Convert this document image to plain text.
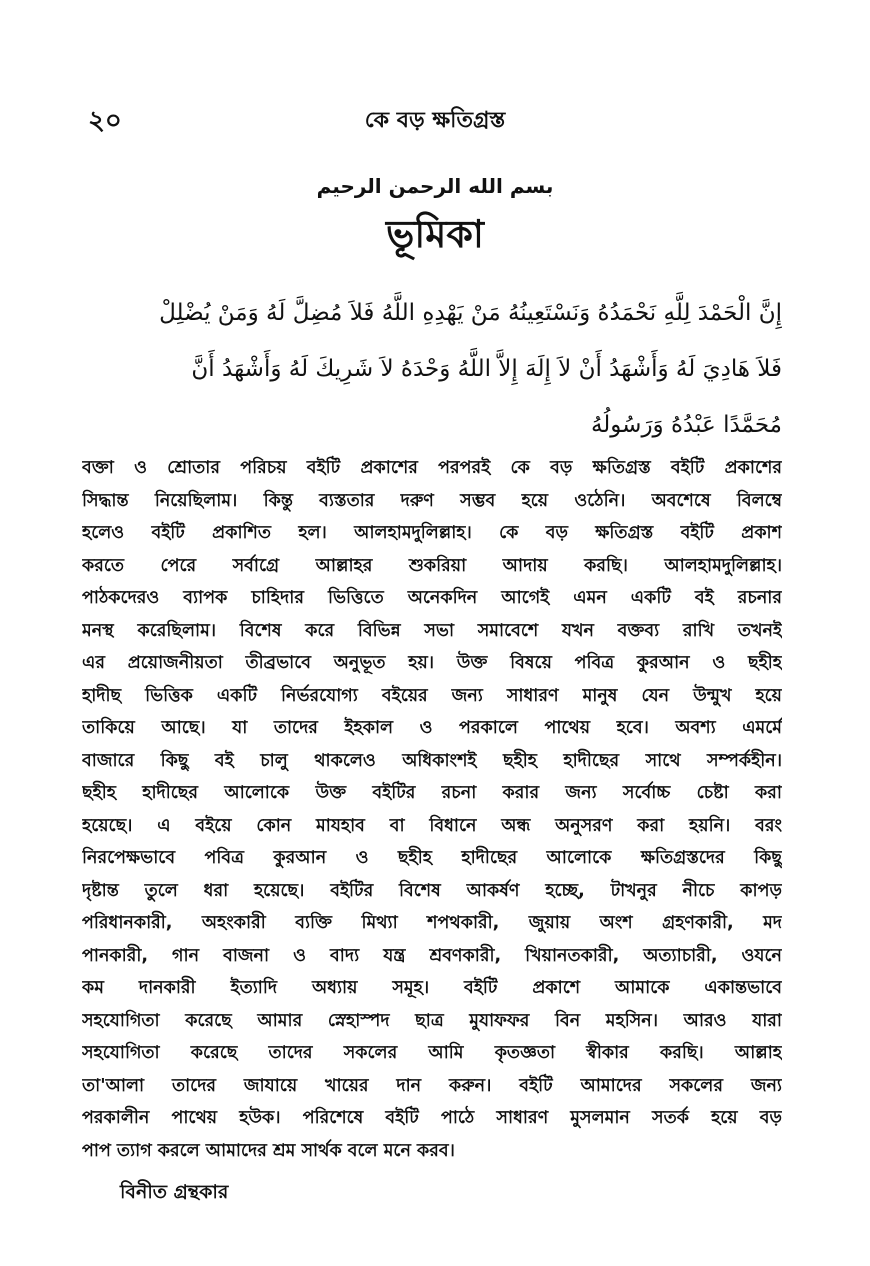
২০	কে বড় ক্ষতিগ্রস্ত
بسم الله الرحمن الرحيم
ভূমিকা
إِنَّ الْحَمْدَ لِلَّهِ نَحْمَدُهُ وَنَسْتَعِينُهُ مَنْ يَهْدِهِ اللَّهُ فَلاَ مُضِلَّ لَهُ وَمَنْ يُضْلِلْ
فَلاَ هَادِيَ لَهُ وَأَشْهَدُ أَنْ لاَ إِلَهَ إِلاَّ اللَّهُ وَحْدَهُ لاَ شَرِيكَ لَهُ وَأَشْهَدُ أَنَّ
مُحَمَّدًا عَبْدُهُ وَرَسُولُهُ
বক্তা ও শ্রোতার পরিচয় বইটি প্রকাশের পরপরই কে বড় ক্ষতিগ্রস্ত বইটি প্রকাশের
সিদ্ধান্ত নিয়েছিলাম। কিন্তু ব্যস্ততার দরুণ সম্ভব হয়ে ওঠেনি। অবশেষে বিলম্বে
হলেও বইটি প্রকাশিত হল। আলহামদুলিল্লাহ। কে বড় ক্ষতিগ্রস্ত বইটি প্রকাশ
করতে পেরে সর্বাগ্রে আল্লাহর শুকরিয়া আদায় করছি। আলহামদুলিল্লাহ।
পাঠকদেরও ব্যাপক চাহিদার ভিত্তিতে অনেকদিন আগেই এমন একটি বই রচনার
মনস্থ করেছিলাম। বিশেষ করে বিভিন্ন সভা সমাবেশে যখন বক্তব্য রাখি তখনই
এর প্রয়োজনীয়তা তীব্রভাবে অনুভূত হয়। উক্ত বিষয়ে পবিত্র কুরআন ও ছহীহ
হাদীছ ভিত্তিক একটি নির্ভরযোগ্য বইয়ের জন্য সাধারণ মানুষ যেন উন্মুখ হয়ে
তাকিয়ে আছে। যা তাদের ইহকাল ও পরকালে পাথেয় হবে। অবশ্য এমর্মে
বাজারে কিছু বই চালু থাকলেও অধিকাংশই ছহীহ হাদীছের সাথে সম্পর্কহীন।
ছহীহ হাদীছের আলোকে উক্ত বইটির রচনা করার জন্য সর্বোচ্চ চেষ্টা করা
হয়েছে। এ বইয়ে কোন মাযহাব বা বিধানে অন্ধ অনুসরণ করা হয়নি। বরং
নিরপেক্ষভাবে পবিত্র কুরআন ও ছহীহ হাদীছের আলোকে ক্ষতিগ্রস্তদের কিছু
দৃষ্টান্ত তুলে ধরা হয়েছে। বইটির বিশেষ আকর্ষণ হচ্ছে, টাখনুর নীচে কাপড়
পরিধানকারী, অহংকারী ব্যক্তি মিথ্যা শপথকারী, জুয়ায় অংশ গ্রহণকারী, মদ
পানকারী, গান বাজনা ও বাদ্য যন্ত্র শ্রবণকারী, খিয়ানতকারী, অত্যাচারী, ওযনে
কম দানকারী ইত্যাদি অধ্যায় সমূহ। বইটি প্রকাশে আমাকে একান্তভাবে
সহযোগিতা করেছে আমার স্নেহাস্পদ ছাত্র মুযাফফর বিন মহসিন। আরও যারা
সহযোগিতা করেছে তাদের সকলের আমি কৃতজ্ঞতা স্বীকার করছি। আল্লাহ
তা'আলা তাদের জাযায়ে খায়ের দান করুন। বইটি আমাদের সকলের জন্য
পরকালীন পাথেয় হউক। পরিশেষে বইটি পাঠে সাধারণ মুসলমান সতর্ক হয়ে বড়
পাপ ত্যাগ করলে আমাদের শ্রম সার্থক বলে মনে করব।
বিনীত গ্রন্থকার
